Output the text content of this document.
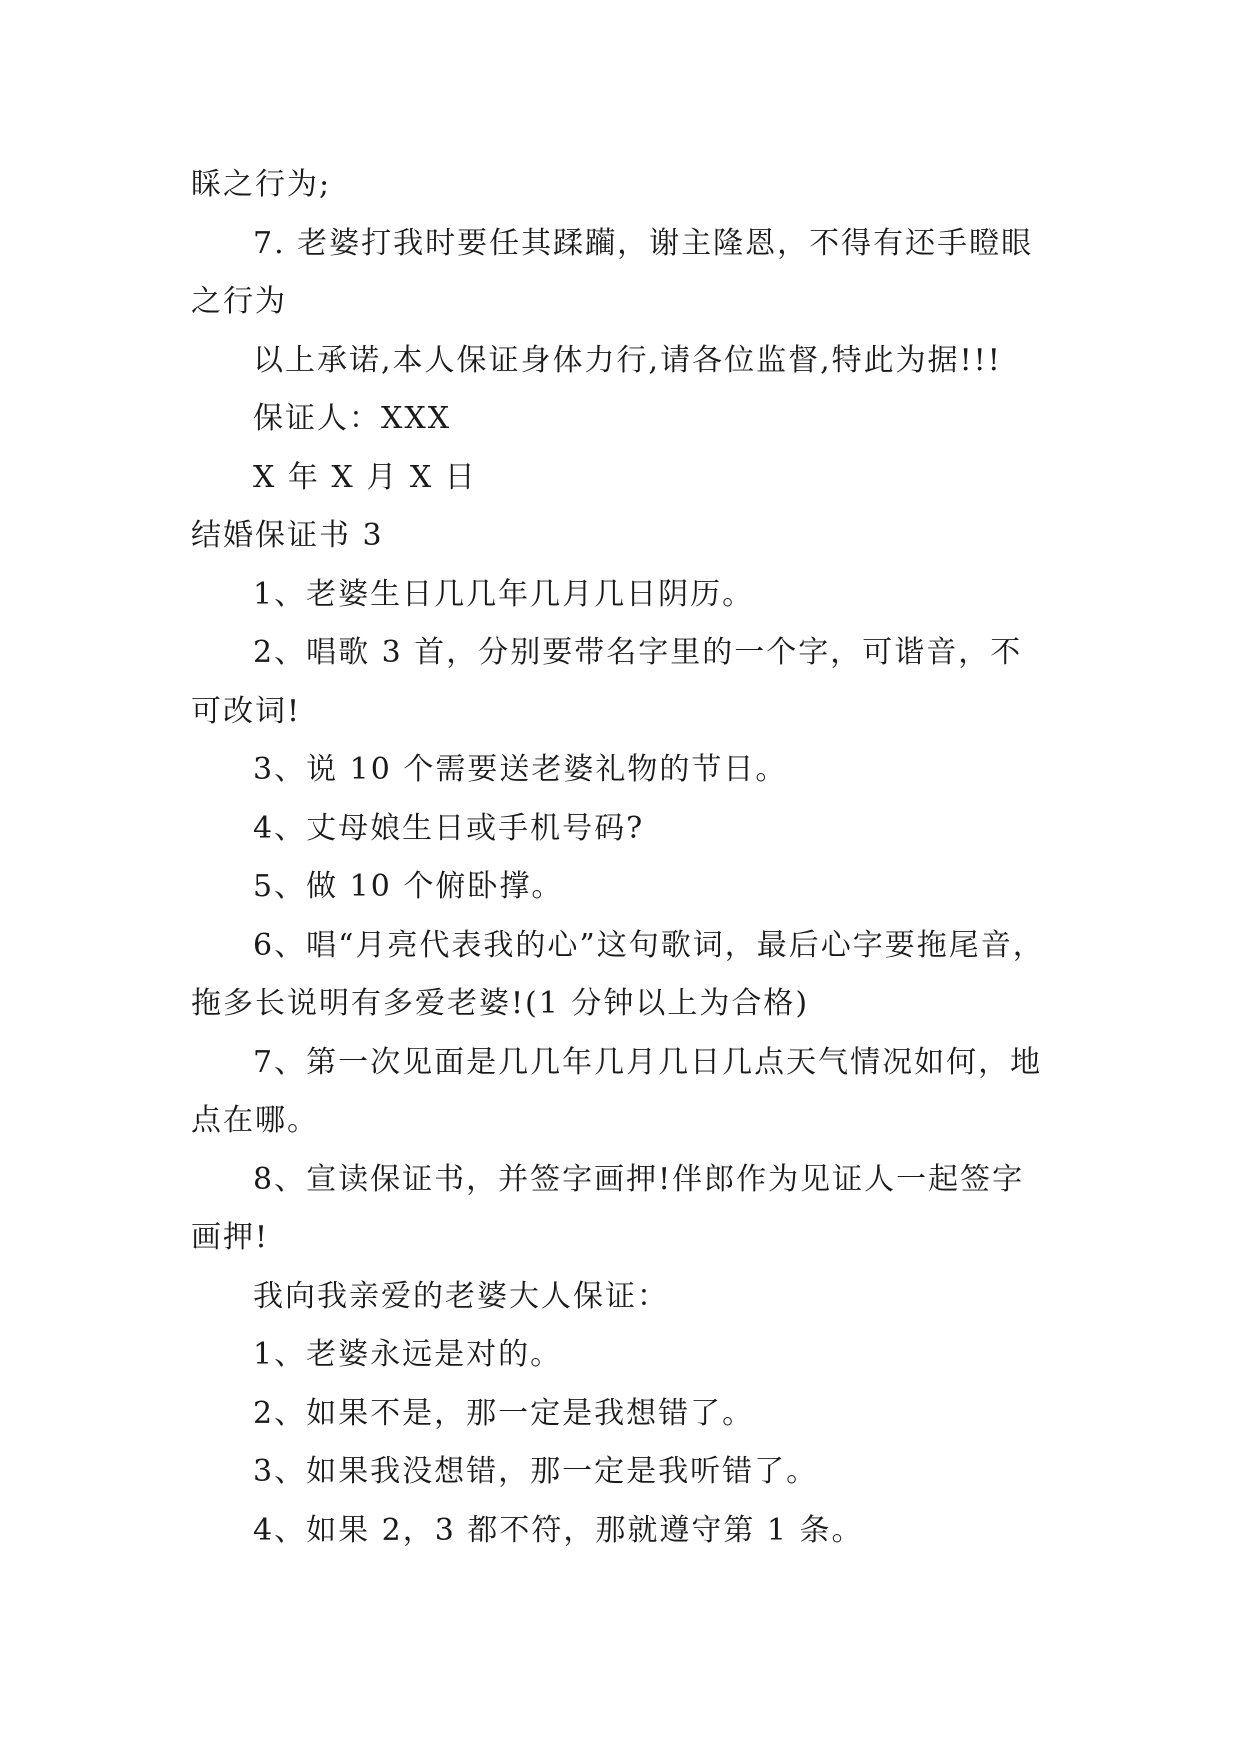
睬之行为;

7. 老婆打我时要任其蹂躏，谢主隆恩，不得有还手瞪眼之行为

以上承诺,本人保证身体力行,请各位监督,特此为据!!!

保证人：XXX

X 年 X 月 X 日

结婚保证书 3

1、老婆生日几几年几月几日阴历。

2、唱歌 3 首，分别要带名字里的一个字，可谐音，不可改词!

3、说 10 个需要送老婆礼物的节日。

4、丈母娘生日或手机号码?

5、做 10 个俯卧撑。

6、唱“月亮代表我的心”这句歌词，最后心字要拖尾音，拖多长说明有多爱老婆!(1 分钟以上为合格)

7、第一次见面是几几年几月几日几点天气情况如何，地点在哪。

8、宣读保证书，并签字画押!伴郎作为见证人一起签字画押!

我向我亲爱的老婆大人保证：

1、老婆永远是对的。

2、如果不是，那一定是我想错了。

3、如果我没想错，那一定是我听错了。

4、如果 2，3 都不符，那就遵守第 1 条。
